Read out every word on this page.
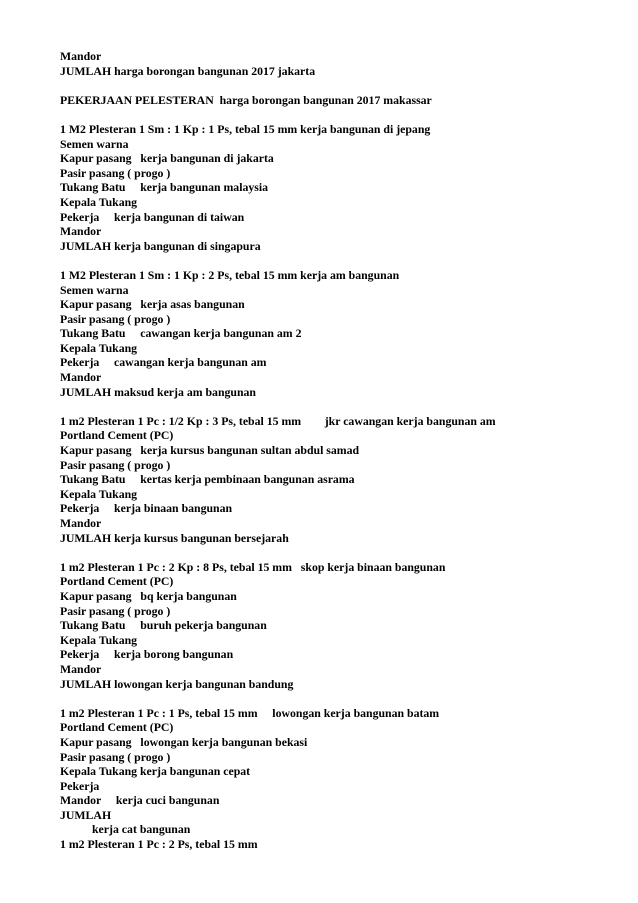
Mandor
JUMLAH harga borongan bangunan 2017 jakarta
PEKERJAAN PELESTERAN  harga borongan bangunan 2017 makassar
1 M2 Plesteran 1 Sm : 1 Kp : 1 Ps, tebal 15 mm kerja bangunan di jepang
Semen warna
Kapur pasang   kerja bangunan di jakarta
Pasir pasang ( progo )
Tukang Batu     kerja bangunan malaysia
Kepala Tukang
Pekerja     kerja bangunan di taiwan
Mandor
JUMLAH kerja bangunan di singapura
1 M2 Plesteran 1 Sm : 1 Kp : 2 Ps, tebal 15 mm kerja am bangunan
Semen warna
Kapur pasang   kerja asas bangunan
Pasir pasang ( progo )
Tukang Batu     cawangan kerja bangunan am 2
Kepala Tukang
Pekerja     cawangan kerja bangunan am
Mandor
JUMLAH maksud kerja am bangunan
1 m2 Plesteran 1 Pc : 1/2 Kp : 3 Ps, tebal 15 mm        jkr cawangan kerja bangunan am
Portland Cement (PC)
Kapur pasang   kerja kursus bangunan sultan abdul samad
Pasir pasang ( progo )
Tukang Batu     kertas kerja pembinaan bangunan asrama
Kepala Tukang
Pekerja     kerja binaan bangunan
Mandor
JUMLAH kerja kursus bangunan bersejarah
1 m2 Plesteran 1 Pc : 2 Kp : 8 Ps, tebal 15 mm   skop kerja binaan bangunan
Portland Cement (PC)
Kapur pasang   bq kerja bangunan
Pasir pasang ( progo )
Tukang Batu     buruh pekerja bangunan
Kepala Tukang
Pekerja     kerja borong bangunan
Mandor
JUMLAH lowongan kerja bangunan bandung
1 m2 Plesteran 1 Pc : 1 Ps, tebal 15 mm     lowongan kerja bangunan batam
Portland Cement (PC)
Kapur pasang   lowongan kerja bangunan bekasi
Pasir pasang ( progo )
Kepala Tukang kerja bangunan cepat
Pekerja
Mandor     kerja cuci bangunan
JUMLAH
kerja cat bangunan
1 m2 Plesteran 1 Pc : 2 Ps, tebal 15 mm
